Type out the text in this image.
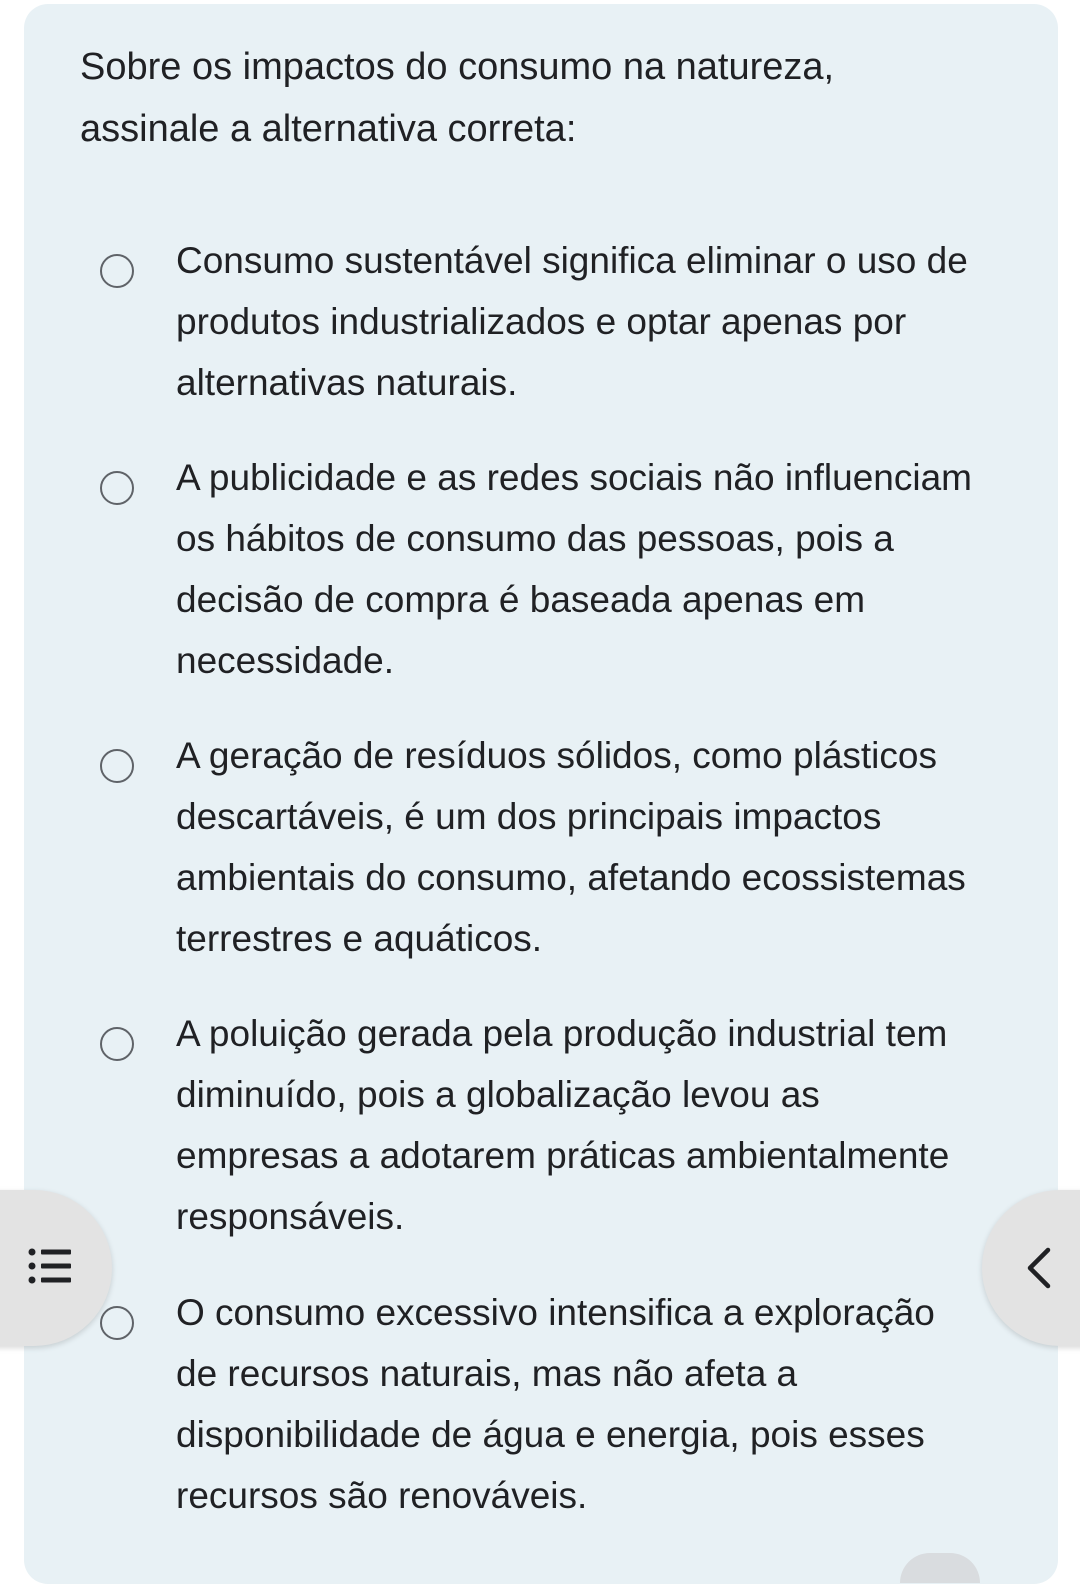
Sobre os impactos do consumo na natureza, assinale a alternativa correta:
Consumo sustentável significa eliminar o uso de produtos industrializados e optar apenas por alternativas naturais.
A publicidade e as redes sociais não influenciam os hábitos de consumo das pessoas, pois a decisão de compra é baseada apenas em necessidade.
A geração de resíduos sólidos, como plásticos descartáveis, é um dos principais impactos ambientais do consumo, afetando ecossistemas terrestres e aquáticos.
A poluição gerada pela produção industrial tem diminuído, pois a globalização levou as empresas a adotarem práticas ambientalmente responsáveis.
O consumo excessivo intensifica a exploração de recursos naturais, mas não afeta a disponibilidade de água e energia, pois esses recursos são renováveis.
